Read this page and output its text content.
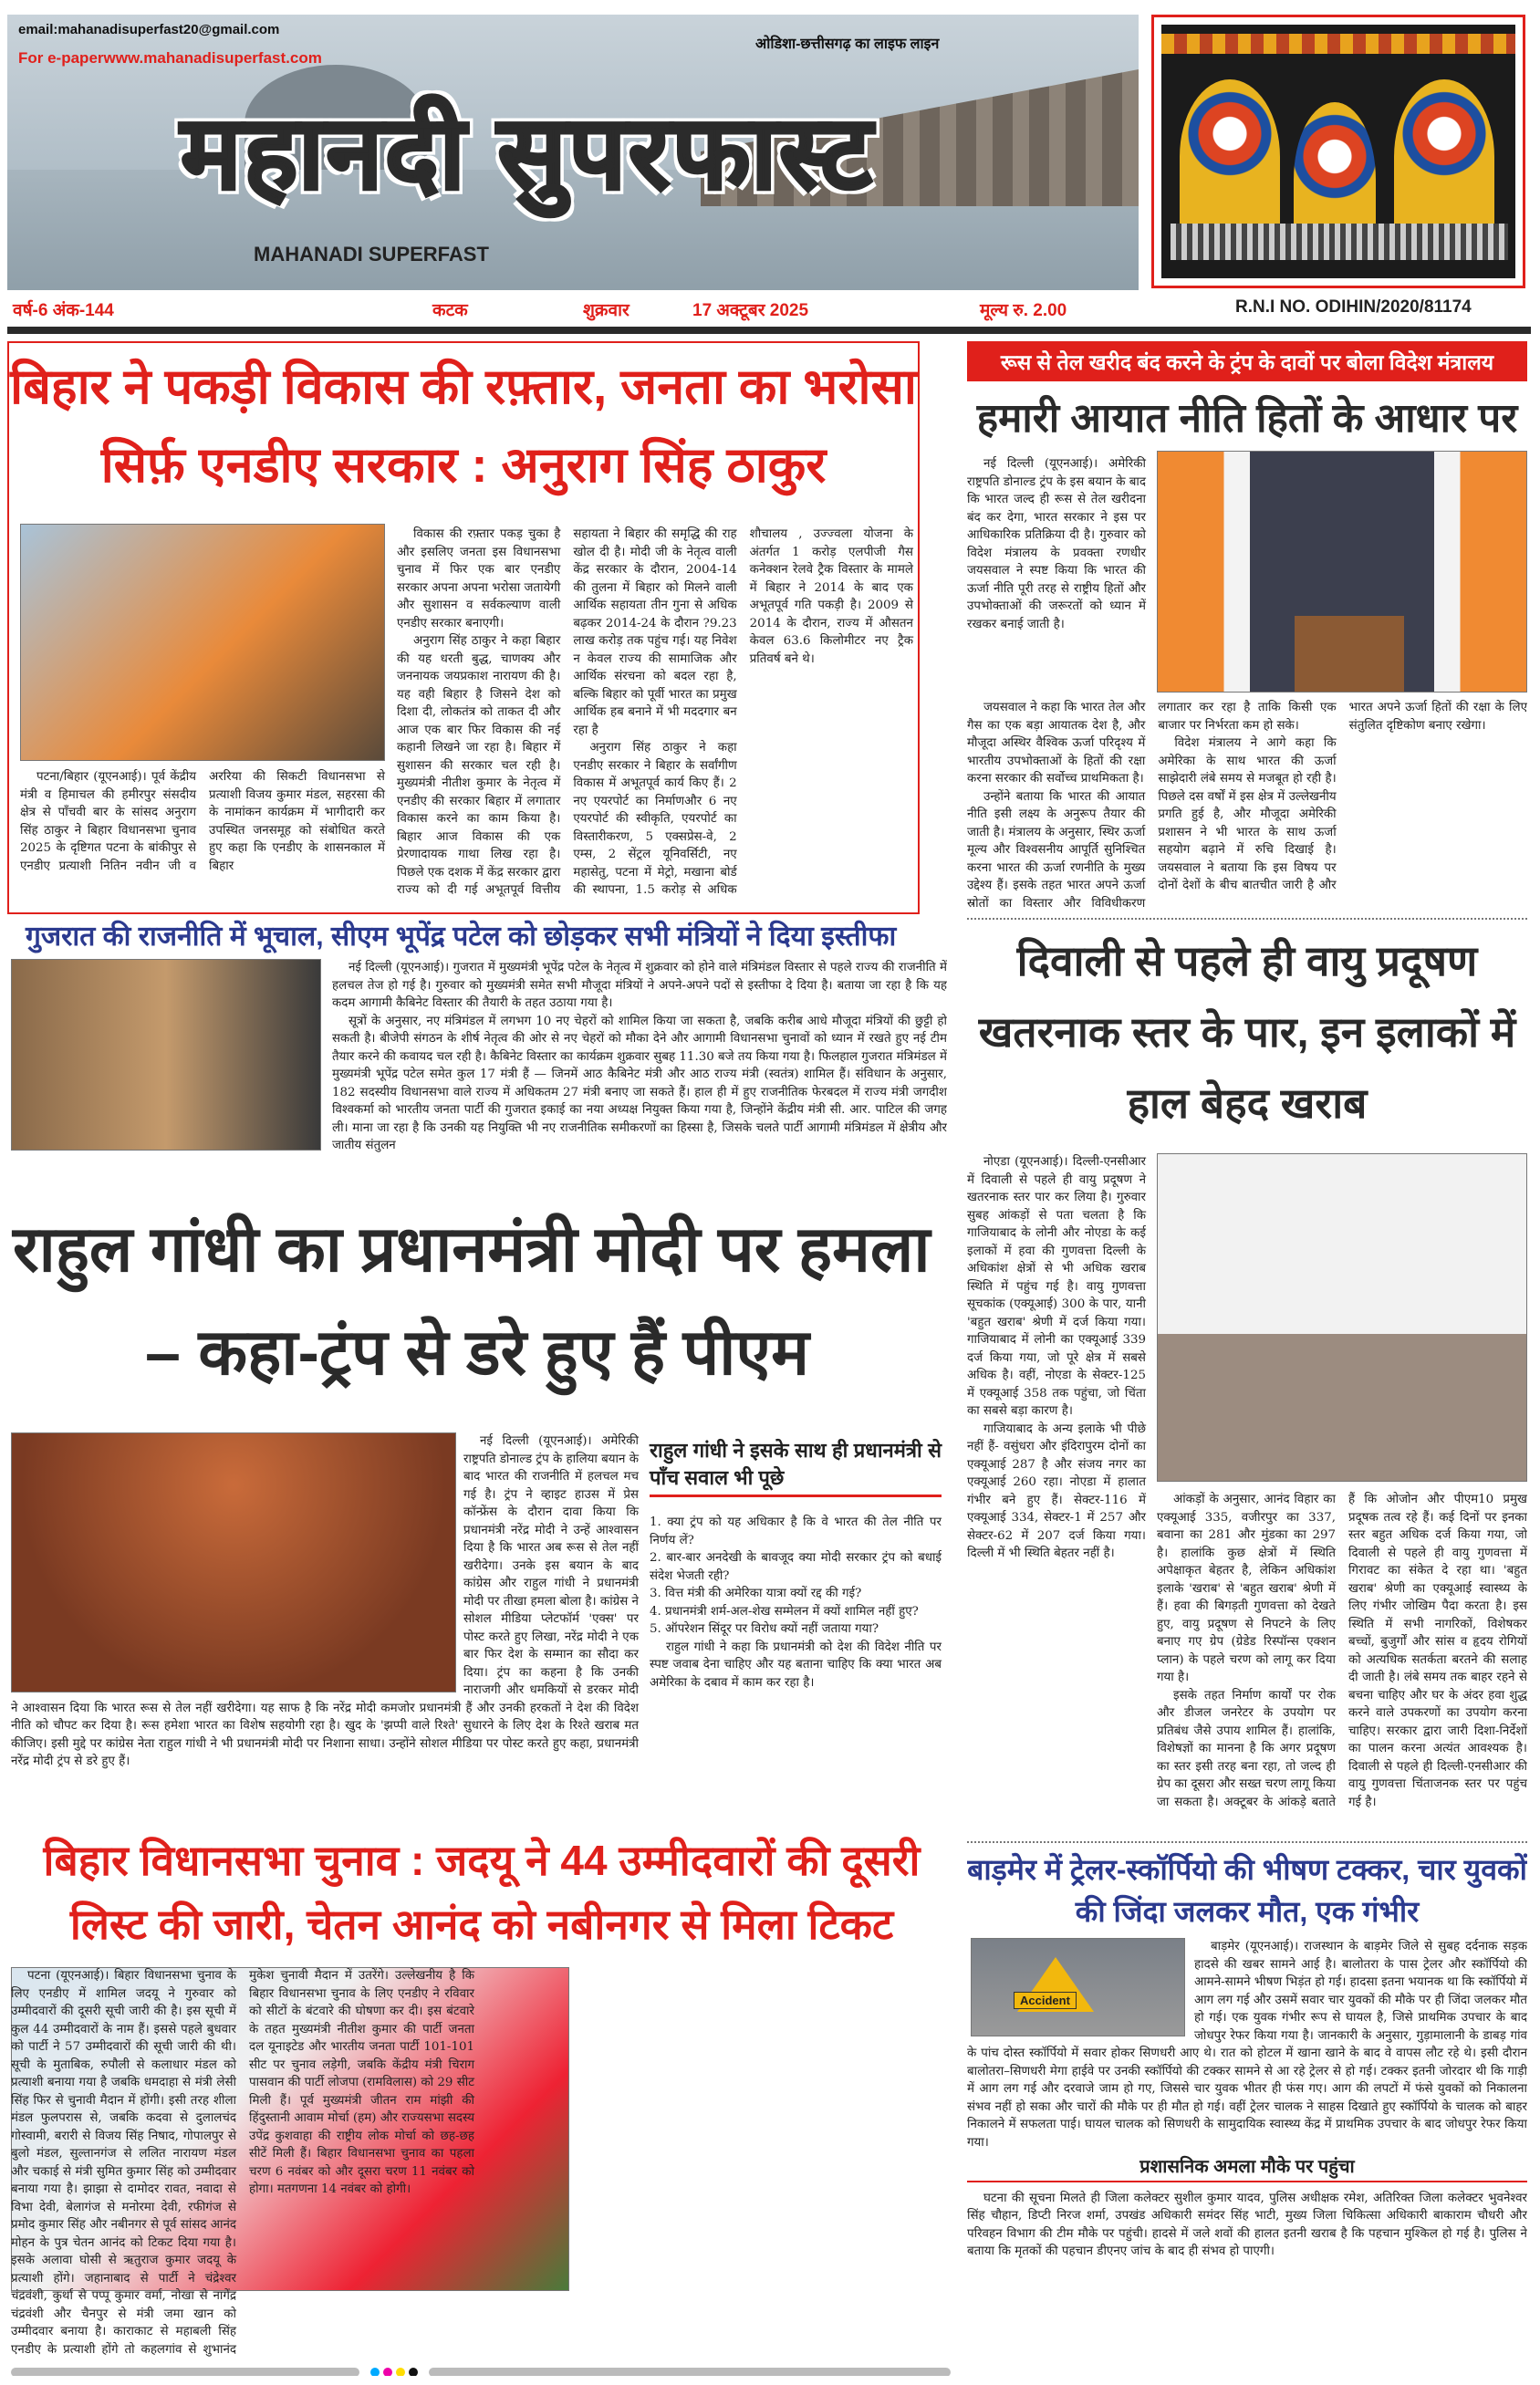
email:mahanadisuperfast20@gmail.com
For e-paperwww.mahanadisuperfast.com
ओडिशा-छत्तीसगढ़ का लाइफ लाइन
महानदी सुपरफास्ट
MAHANADI SUPERFAST
वर्ष-6 अंक-144	कटक	शुक्रवार	17 अक्टूबर 2025	मूल्य रु. 2.00	R.N.I NO. ODIHIN/2020/81174
बिहार ने पकड़ी विकास की रफ़्तार, जनता का भरोसा
सिर्फ़ एनडीए सरकार : अनुराग सिंह ठाकुर

पटना/बिहार (यूएनआई)। पूर्व केंद्रीय मंत्री व हिमाचल की हमीरपुर संसदीय क्षेत्र से पाँचवी बार के सांसद अनुराग सिंह ठाकुर ने बिहार विधानसभा चुनाव 2025 के दृष्टिगत पटना के बांकीपुर से एनडीए प्रत्याशी नितिन नवीन जी व अररिया की सिकटी विधानसभा से प्रत्याशी विजय कुमार मंडल, सहरसा की के नामांकन कार्यक्रम में भागीदारी कर उपस्थित जनसमूह को संबोधित करते हुए कहा कि एनडीए के शासनकाल में बिहार

विकास की रफ़्तार पकड़ चुका है और इसलिए जनता इस विधानसभा चुनाव में फिर एक बार एनडीए सरकार अपना अपना भरोसा जतायेगी और सुशासन व सर्वकल्याण वाली एनडीए सरकार बनाएगी।

अनुराग सिंह ठाकुर ने कहा बिहार की यह धरती बुद्ध, चाणक्य और जननायक जयप्रकाश नारायण की है। यह वही बिहार है जिसने देश को दिशा दी, लोकतंत्र को ताकत दी और आज एक बार फिर विकास की नई कहानी लिखने जा रहा है। बिहार में सुशासन की सरकार चल रही है। मुख्यमंत्री नीतीश कुमार के नेतृत्व में एनडीए की सरकार बिहार में लगातार विकास करने का काम किया है। बिहार आज विकास की एक प्रेरणादायक गाथा लिख रहा है। पिछले एक दशक में केंद्र सरकार द्वारा राज्य को दी गई अभूतपूर्व वित्तीय सहायता ने बिहार की समृद्धि की राह खोल दी है। मोदी जी के नेतृत्व वाली केंद्र सरकार के दौरान, 2004-14 की तुलना में बिहार को मिलने वाली आर्थिक सहायता तीन गुना से अधिक बढ़कर 2014-24 के दौरान ?9.23 लाख करोड़ तक पहुंच गई। यह निवेश न केवल राज्य की सामाजिक और आर्थिक संरचना को बदल रहा है, बल्कि बिहार को पूर्वी भारत का प्रमुख आर्थिक हब बनाने में भी मददगार बन रहा है

अनुराग सिंह ठाकुर ने कहा एनडीए सरकार ने बिहार के सर्वांगीण विकास में अभूतपूर्व कार्य किए हैं। 2 नए एयरपोर्ट का निर्माणऔर 6 नए एयरपोर्ट की स्वीकृति, एयरपोर्ट का विस्तारीकरण, 5 एक्सप्रेस-वे, 2 एम्स, 2 सेंट्रल यूनिवर्सिटी, नए महासेतु, पटना में मेट्रो, मखाना बोर्ड की स्थापना, 1.5 करोड़ से अधिक शौचालय , उज्ज्वला योजना के अंतर्गत 1 करोड़ एलपीजी गैस कनेक्शन रेलवे ट्रैक विस्तार के मामले में बिहार ने 2014 के बाद एक अभूतपूर्व गति पकड़ी है। 2009 से 2014 के दौरान, राज्य में औसतन केवल 63.6 किलोमीटर नए ट्रैक प्रतिवर्ष बने थे।

रूस से तेल खरीद बंद करने के ट्रंप के दावों पर बोला विदेश मंत्रालय
हमारी आयात नीति हितों के आधार पर

नई दिल्ली (यूएनआई)। अमेरिकी राष्ट्रपति डोनाल्ड ट्रंप के इस बयान के बाद कि भारत जल्द ही रूस से तेल खरीदना बंद कर देगा, भारत सरकार ने इस पर आधिकारिक प्रतिक्रिया दी है। गुरुवार को विदेश मंत्रालय के प्रवक्ता रणधीर जयसवाल ने स्पष्ट किया कि भारत की ऊर्जा नीति पूरी तरह से राष्ट्रीय हितों और उपभोक्ताओं की जरूरतों को ध्यान में रखकर बनाई जाती है।

जयसवाल ने कहा कि भारत तेल और गैस का एक बड़ा आयातक देश है, और मौजूदा अस्थिर वैश्विक ऊर्जा परिदृश्य में भारतीय उपभोक्ताओं के हितों की रक्षा करना सरकार की सर्वोच्च प्राथमिकता है।

उन्होंने बताया कि भारत की आयात नीति इसी लक्ष्य के अनुरूप तैयार की जाती है। मंत्रालय के अनुसार, स्थिर ऊर्जा मूल्य और विश्वसनीय आपूर्ति सुनिश्चित करना भारत की ऊर्जा रणनीति के मुख्य उद्देश्य हैं। इसके तहत भारत अपने ऊर्जा स्रोतों का विस्तार और विविधीकरण लगातार कर रहा है ताकि किसी एक बाजार पर निर्भरता कम हो सके।

विदेश मंत्रालय ने आगे कहा कि अमेरिका के साथ भारत की ऊर्जा साझेदारी लंबे समय से मजबूत हो रही है। पिछले दस वर्षों में इस क्षेत्र में उल्लेखनीय प्रगति हुई है, और मौजूदा अमेरिकी प्रशासन ने भी भारत के साथ ऊर्जा सहयोग बढ़ाने में रुचि दिखाई है। जयसवाल ने बताया कि इस विषय पर दोनों देशों के बीच बातचीत जारी है और भारत अपने ऊर्जा हितों की रक्षा के लिए संतुलित दृष्टिकोण बनाए रखेगा।

गुजरात की राजनीति में भूचाल, सीएम भूपेंद्र पटेल को छोड़कर सभी मंत्रियों ने दिया इस्तीफा

नई दिल्ली (यूएनआई)। गुजरात में मुख्यमंत्री भूपेंद्र पटेल के नेतृत्व में शुक्रवार को होने वाले मंत्रिमंडल विस्तार से पहले राज्य की राजनीति में हलचल तेज हो गई है। गुरुवार को मुख्यमंत्री समेत सभी मौजूदा मंत्रियों ने अपने-अपने पदों से इस्तीफा दे दिया है। बताया जा रहा है कि यह कदम आगामी कैबिनेट विस्तार की तैयारी के तहत उठाया गया है।

सूत्रों के अनुसार, नए मंत्रिमंडल में लगभग 10 नए चेहरों को शामिल किया जा सकता है, जबकि करीब आधे मौजूदा मंत्रियों की छुट्टी हो सकती है। बीजेपी संगठन के शीर्ष नेतृत्व की ओर से नए चेहरों को मौका देने और आगामी विधानसभा चुनावों को ध्यान में रखते हुए नई टीम तैयार करने की कवायद चल रही है। कैबिनेट विस्तार का कार्यक्रम शुक्रवार सुबह 11.30 बजे तय किया गया है। फिलहाल गुजरात मंत्रिमंडल में मुख्यमंत्री भूपेंद्र पटेल समेत कुल 17 मंत्री हैं — जिनमें आठ कैबिनेट मंत्री और आठ राज्य मंत्री (स्वतंत्र) शामिल हैं। संविधान के अनुसार, 182 सदस्यीय विधानसभा वाले राज्य में अधिकतम 27 मंत्री बनाए जा सकते हैं। हाल ही में हुए राजनीतिक फेरबदल में राज्य मंत्री जगदीश विश्वकर्मा को भारतीय जनता पार्टी की गुजरात इकाई का नया अध्यक्ष नियुक्त किया गया है, जिन्होंने केंद्रीय मंत्री सी. आर. पाटिल की जगह ली। माना जा रहा है कि उनकी यह नियुक्ति भी नए राजनीतिक समीकरणों का हिस्सा है, जिसके चलते पार्टी आगामी मंत्रिमंडल में क्षेत्रीय और जातीय संतुलन

दिवाली से पहले ही वायु प्रदूषण खतरनाक स्तर के पार, इन इलाकों में हाल बेहद खराब

नोएडा (यूएनआई)। दिल्ली-एनसीआर में दिवाली से पहले ही वायु प्रदूषण ने खतरनाक स्तर पार कर लिया है। गुरुवार सुबह आंकड़ों से पता चलता है कि गाजियाबाद के लोनी और नोएडा के कई इलाकों में हवा की गुणवत्ता दिल्ली के अधिकांश क्षेत्रों से भी अधिक खराब स्थिति में पहुंच गई है। वायु गुणवत्ता सूचकांक (एक्यूआई) 300 के पार, यानी 'बहुत खराब' श्रेणी में दर्ज किया गया। गाजियाबाद में लोनी का एक्यूआई 339 दर्ज किया गया, जो पूरे क्षेत्र में सबसे अधिक है। वहीं, नोएडा के सेक्टर-125 में एक्यूआई 358 तक पहुंचा, जो चिंता का सबसे बड़ा कारण है।

गाजियाबाद के अन्य इलाके भी पीछे नहीं हैं- वसुंधरा और इंदिरापुरम दोनों का एक्यूआई 287 है और संजय नगर का एक्यूआई 260 रहा। नोएडा में हालात गंभीर बने हुए हैं। सेक्टर-116 में एक्यूआई 334, सेक्टर-1 में 257 और सेक्टर-62 में 207 दर्ज किया गया। दिल्ली में भी स्थिति बेहतर नहीं है।

आंकड़ों के अनुसार, आनंद विहार का एक्यूआई 335, वजीरपुर का 337, बवाना का 281 और मुंडका का 297 है। हालांकि कुछ क्षेत्रों में स्थिति अपेक्षाकृत बेहतर है, लेकिन अधिकांश इलाके 'खराब' से 'बहुत खराब' श्रेणी में हैं। हवा की बिगड़ती गुणवत्ता को देखते हुए, वायु प्रदूषण से निपटने के लिए बनाए गए ग्रेप (ग्रेडेड रिस्पॉन्स एक्शन प्लान) के पहले चरण को लागू कर दिया गया है।

इसके तहत निर्माण कार्यों पर रोक और डीजल जनरेटर के उपयोग पर प्रतिबंध जैसे उपाय शामिल हैं। हालांकि, विशेषज्ञों का मानना है कि अगर प्रदूषण का स्तर इसी तरह बना रहा, तो जल्द ही ग्रेप का दूसरा और सख्त चरण लागू किया जा सकता है। अक्टूबर के आंकड़े बताते हैं कि ओजोन और पीएम10 प्रमुख प्रदूषक तत्व रहे हैं। कई दिनों पर इनका स्तर बहुत अधिक दर्ज किया गया, जो दिवाली से पहले ही वायु गुणवत्ता में गिरावट का संकेत दे रहा था। 'बहुत खराब' श्रेणी का एक्यूआई स्वास्थ्य के लिए गंभीर जोखिम पैदा करता है। इस स्थिति में सभी नागरिकों, विशेषकर बच्चों, बुजुर्गों और सांस व हृदय रोगियों को अत्यधिक सतर्कता बरतने की सलाह दी जाती है। लंबे समय तक बाहर रहने से बचना चाहिए और घर के अंदर हवा शुद्ध करने वाले उपकरणों का उपयोग करना चाहिए। सरकार द्वारा जारी दिशा-निर्देशों का पालन करना अत्यंत आवश्यक है। दिवाली से पहले ही दिल्ली-एनसीआर की वायु गुणवत्ता चिंताजनक स्तर पर पहुंच गई है।

राहुल गांधी का प्रधानमंत्री मोदी पर हमला
– कहा-ट्रंप से डरे हुए हैं पीएम

नई दिल्ली (यूएनआई)। अमेरिकी राष्ट्रपति डोनाल्ड ट्रंप के हालिया बयान के बाद भारत की राजनीति में हलचल मच गई है। ट्रंप ने व्हाइट हाउस में प्रेस कॉन्फ्रेंस के दौरान दावा किया कि प्रधानमंत्री नरेंद्र मोदी ने उन्हें आश्वासन दिया है कि भारत अब रूस से तेल नहीं खरीदेगा। उनके इस बयान के बाद कांग्रेस और राहुल गांधी ने प्रधानमंत्री मोदी पर तीखा हमला बोला है। कांग्रेस ने सोशल मीडिया प्लेटफॉर्म 'एक्स' पर पोस्ट करते हुए लिखा, नरेंद्र मोदी ने एक बार फिर देश के सम्मान का सौदा कर दिया। ट्रंप का कहना है कि उनकी नाराजगी और धमकियों से डरकर मोदी ने आश्वासन दिया कि भारत रूस से तेल नहीं खरीदेगा। यह साफ है कि नरेंद्र मोदी कमजोर प्रधानमंत्री हैं और उनकी हरकतों ने देश की विदेश नीति को चौपट कर दिया है। रूस हमेशा भारत का विशेष सहयोगी रहा है। खुद के 'झप्पी वाले रिश्ते' सुधारने के लिए देश के रिश्ते खराब मत कीजिए। इसी मुद्दे पर कांग्रेस नेता राहुल गांधी ने भी प्रधानमंत्री मोदी पर निशाना साधा। उन्होंने सोशल मीडिया पर पोस्ट करते हुए कहा, प्रधानमंत्री नरेंद्र मोदी ट्रंप से डरे हुए हैं।

राहुल गांधी ने इसके साथ ही प्रधानमंत्री से पाँच सवाल भी पूछे
1. क्या ट्रंप को यह अधिकार है कि वे भारत की तेल नीति पर निर्णय लें?
2. बार-बार अनदेखी के बावजूद क्या मोदी सरकार ट्रंप को बधाई संदेश भेजती रही?
3. वित्त मंत्री की अमेरिका यात्रा क्यों रद्द की गई?
4. प्रधानमंत्री शर्म-अल-शेख सम्मेलन में क्यों शामिल नहीं हुए?
5. ऑपरेशन सिंदूर पर विरोध क्यों नहीं जताया गया?

राहुल गांधी ने कहा कि प्रधानमंत्री को देश की विदेश नीति पर स्पष्ट जवाब देना चाहिए और यह बताना चाहिए कि क्या भारत अब अमेरिका के दबाव में काम कर रहा है।

बिहार विधानसभा चुनाव : जदयू ने 44 उम्मीदवारों की दूसरी
लिस्ट की जारी, चेतन आनंद को नबीनगर से मिला टिकट

पटना (यूएनआई)। बिहार विधानसभा चुनाव के लिए एनडीए में शामिल जदयू ने गुरुवार को उम्मीदवारों की दूसरी सूची जारी की है। इस सूची में कुल 44 उम्मीदवारों के नाम हैं। इससे पहले बुधवार को पार्टी ने 57 उम्मीदवारों की सूची जारी की थी। सूची के मुताबिक, रुपौली से कलाधार मंडल को प्रत्याशी बनाया गया है जबकि धमदाहा से मंत्री लेसी सिंह फिर से चुनावी मैदान में होंगी। इसी तरह शीला मंडल फुलपरास से, जबकि कदवा से दुलालचंद गोस्वामी, बरारी से विजय सिंह निषाद, गोपालपुर से बुलो मंडल, सुल्तानगंज से ललित नारायण मंडल और चकाई से मंत्री सुमित कुमार सिंह को उम्मीदवार बनाया गया है। झाझा से दामोदर रावत, नवादा से विभा देवी, बेलागंज से मनोरमा देवी, रफीगंज से प्रमोद कुमार सिंह और नबीनगर से पूर्व सांसद आनंद मोहन के पुत्र चेतन आनंद को टिकट दिया गया है। इसके अलावा घोसी से ऋतुराज कुमार जदयू के प्रत्याशी होंगे। जहानाबाद से पार्टी ने चंद्रेश्वर चंद्रवंशी, कुर्था से पप्पू कुमार वर्मा, नोखा से नागेंद्र चंद्रवंशी और चैनपुर से मंत्री जमा खान को उम्मीदवार बनाया है। काराकाट से महाबली सिंह एनडीए के प्रत्याशी होंगे तो कहलगांव से शुभानंद मुकेश चुनावी मैदान में उतरेंगे। उल्लेखनीय है कि बिहार विधानसभा चुनाव के लिए एनडीए ने रविवार को सीटों के बंटवारे की घोषणा कर दी। इस बंटवारे के तहत मुख्यमंत्री नीतीश कुमार की पार्टी जनता दल यूनाइटेड और भारतीय जनता पार्टी 101-101 सीट पर चुनाव लड़ेगी, जबकि केंद्रीय मंत्री चिराग पासवान की पार्टी लोजपा (रामविलास) को 29 सीट मिली हैं। पूर्व मुख्यमंत्री जीतन राम मांझी की हिंदुस्तानी आवाम मोर्चा (हम) और राज्यसभा सदस्य उपेंद्र कुशवाहा की राष्ट्रीय लोक मोर्चा को छह-छह सीटें मिली हैं। बिहार विधानसभा चुनाव का पहला चरण 6 नवंबर को और दूसरा चरण 11 नवंबर को होगा। मतगणना 14 नवंबर को होगी।

बाड़मेर में ट्रेलर-स्कॉर्पियो की भीषण टक्कर, चार युवकों की जिंदा जलकर मौत, एक गंभीर
Accident

बाड़मेर (यूएनआई)। राजस्थान के बाड़मेर जिले से सुबह दर्दनाक सड़क हादसे की खबर सामने आई है। बालोतरा के पास ट्रेलर और स्कॉर्पियो की आमने-सामने भीषण भिड़ंत हो गई। हादसा इतना भयानक था कि स्कॉर्पियो में आग लग गई और उसमें सवार चार युवकों की मौके पर ही जिंदा जलकर मौत हो गई। एक युवक गंभीर रूप से घायल है, जिसे प्राथमिक उपचार के बाद जोधपुर रेफर किया गया है। जानकारी के अनुसार, गुड़ामालानी के डाबड़ गांव के पांच दोस्त स्कॉर्पियो में सवार होकर सिणधरी आए थे। रात को होटल में खाना खाने के बाद वे वापस लौट रहे थे। इसी दौरान बालोतरा–सिणधरी मेगा हाईवे पर उनकी स्कॉर्पियो की टक्कर सामने से आ रहे ट्रेलर से हो गई। टक्कर इतनी जोरदार थी कि गाड़ी में आग लग गई और दरवाजे जाम हो गए, जिससे चार युवक भीतर ही फंस गए। आग की लपटों में फंसे युवकों को निकालना संभव नहीं हो सका और चारों की मौके पर ही मौत हो गई। वहीं ट्रेलर चालक ने साहस दिखाते हुए स्कॉर्पियो के चालक को बाहर निकालने में सफलता पाई। घायल चालक को सिणधरी के सामुदायिक स्वास्थ्य केंद्र में प्राथमिक उपचार के बाद जोधपुर रेफर किया गया।

प्रशासनिक अमला मौके पर पहुंचा

घटना की सूचना मिलते ही जिला कलेक्टर सुशील कुमार यादव, पुलिस अधीक्षक रमेश, अतिरिक्त जिला कलेक्टर भुवनेश्वर सिंह चौहान, डिप्टी निरज शर्मा, उपखंड अधिकारी समंदर सिंह भाटी, मुख्य जिला चिकित्सा अधिकारी बाकाराम चौधरी और परिवहन विभाग की टीम मौके पर पहुंची। हादसे में जले शवों की हालत इतनी खराब है कि पहचान मुश्किल हो गई है। पुलिस ने बताया कि मृतकों की पहचान डीएनए जांच के बाद ही संभव हो पाएगी।
